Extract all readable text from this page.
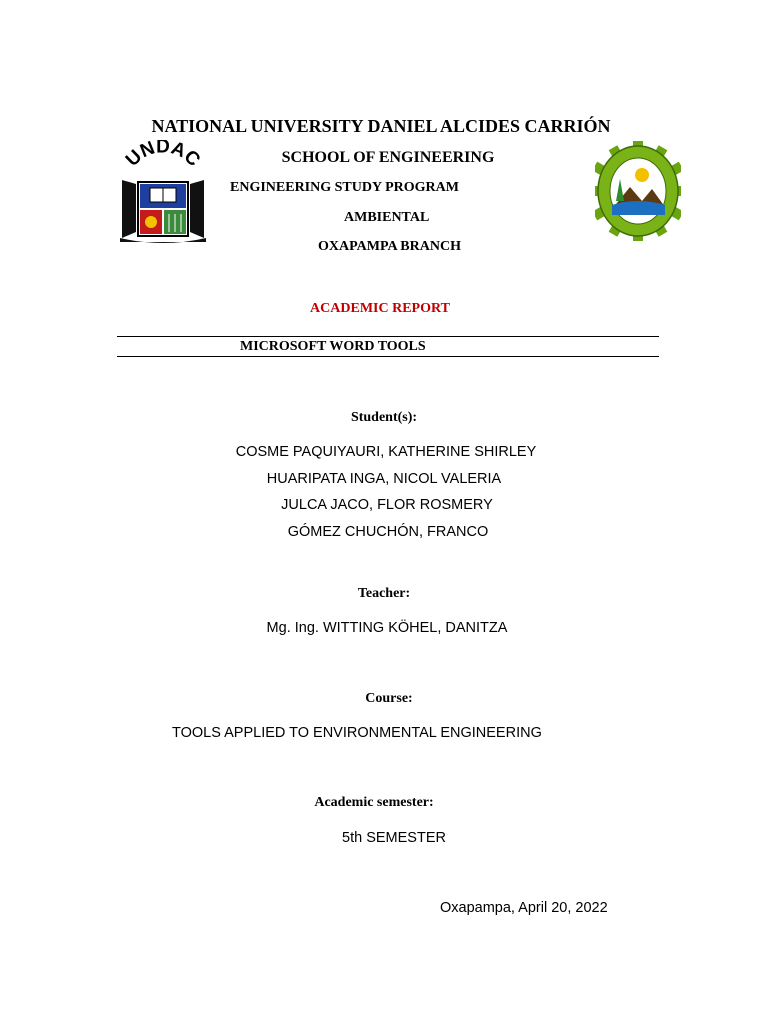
UNDAC
NATIONAL UNIVERSITY DANIEL ALCIDES CARRIÓN
SCHOOL OF ENGINEERING
ENGINEERING STUDY PROGRAM
AMBIENTAL
OXAPAMPA BRANCH
ACADEMIC REPORT
MICROSOFT WORD TOOLS
Student(s):
COSME PAQUIYAURI, KATHERINE SHIRLEY
HUARIPATA INGA, NICOL VALERIA
JULCA JACO, FLOR ROSMERY
GÓMEZ CHUCHÓN, FRANCO
Teacher:
Mg. Ing. WITTING KÖHEL, DANITZA
Course:
TOOLS APPLIED TO ENVIRONMENTAL ENGINEERING
Academic semester:
5th SEMESTER
Oxapampa, April 20, 2022
